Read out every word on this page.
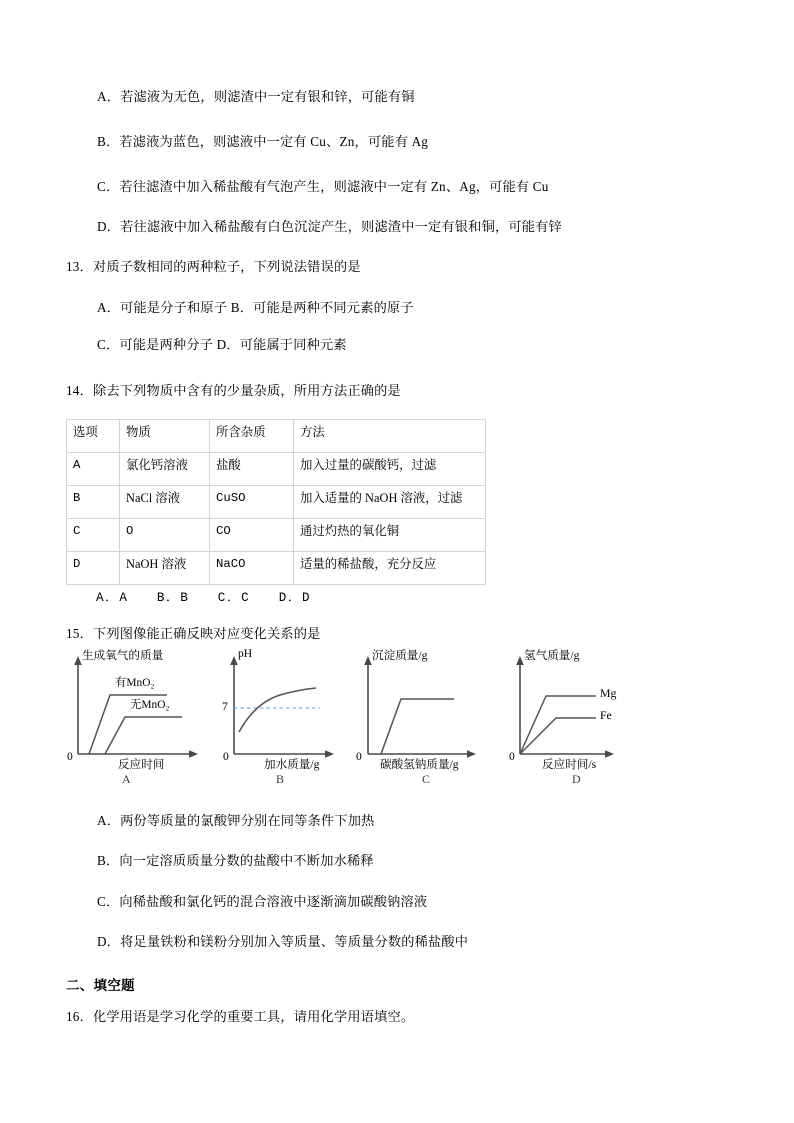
A．若滤液为无色，则滤渣中一定有银和锌，可能有铜
B．若滤液为蓝色，则滤液中一定有 Cu、Zn，可能有 Ag
C．若往滤渣中加入稀盐酸有气泡产生，则滤液中一定有 Zn、Ag，可能有 Cu
D．若往滤液中加入稀盐酸有白色沉淀产生，则滤渣中一定有银和铜，可能有锌
13．对质子数相同的两种粒子，下列说法错误的是
A．可能是分子和原子 B．可能是两种不同元素的原子
C．可能是两种分子 D．可能属于同种元素
14．除去下列物质中含有的少量杂质，所用方法正确的是
选项	物质	所含杂质	方法
A	氯化钙溶液	盐酸	加入过量的碳酸钙，过滤
B	NaCl 溶液	CuSO	加入适量的 NaOH 溶液，过滤
C	O	CO	通过灼热的氧化铜
D	NaOH 溶液	NaCO	适量的稀盐酸，充分反应
A．A　　B．B　　C．C　　D．D
15．下列图像能正确反映对应变化关系的是
生成氧气的质量
有MnO₂
无MnO₂
0
反应时间
A
pH
7
0
加水质量/g
B
沉淀质量/g
0
碳酸氢钠质量/g
C
氢气质量/g
Mg
Fe
0
反应时间/s
D
A．两份等质量的氯酸钾分别在同等条件下加热
B．向一定溶质质量分数的盐酸中不断加水稀释
C．向稀盐酸和氯化钙的混合溶液中逐渐滴加碳酸钠溶液
D．将足量铁粉和镁粉分别加入等质量、等质量分数的稀盐酸中
二、填空题
16．化学用语是学习化学的重要工具，请用化学用语填空。
